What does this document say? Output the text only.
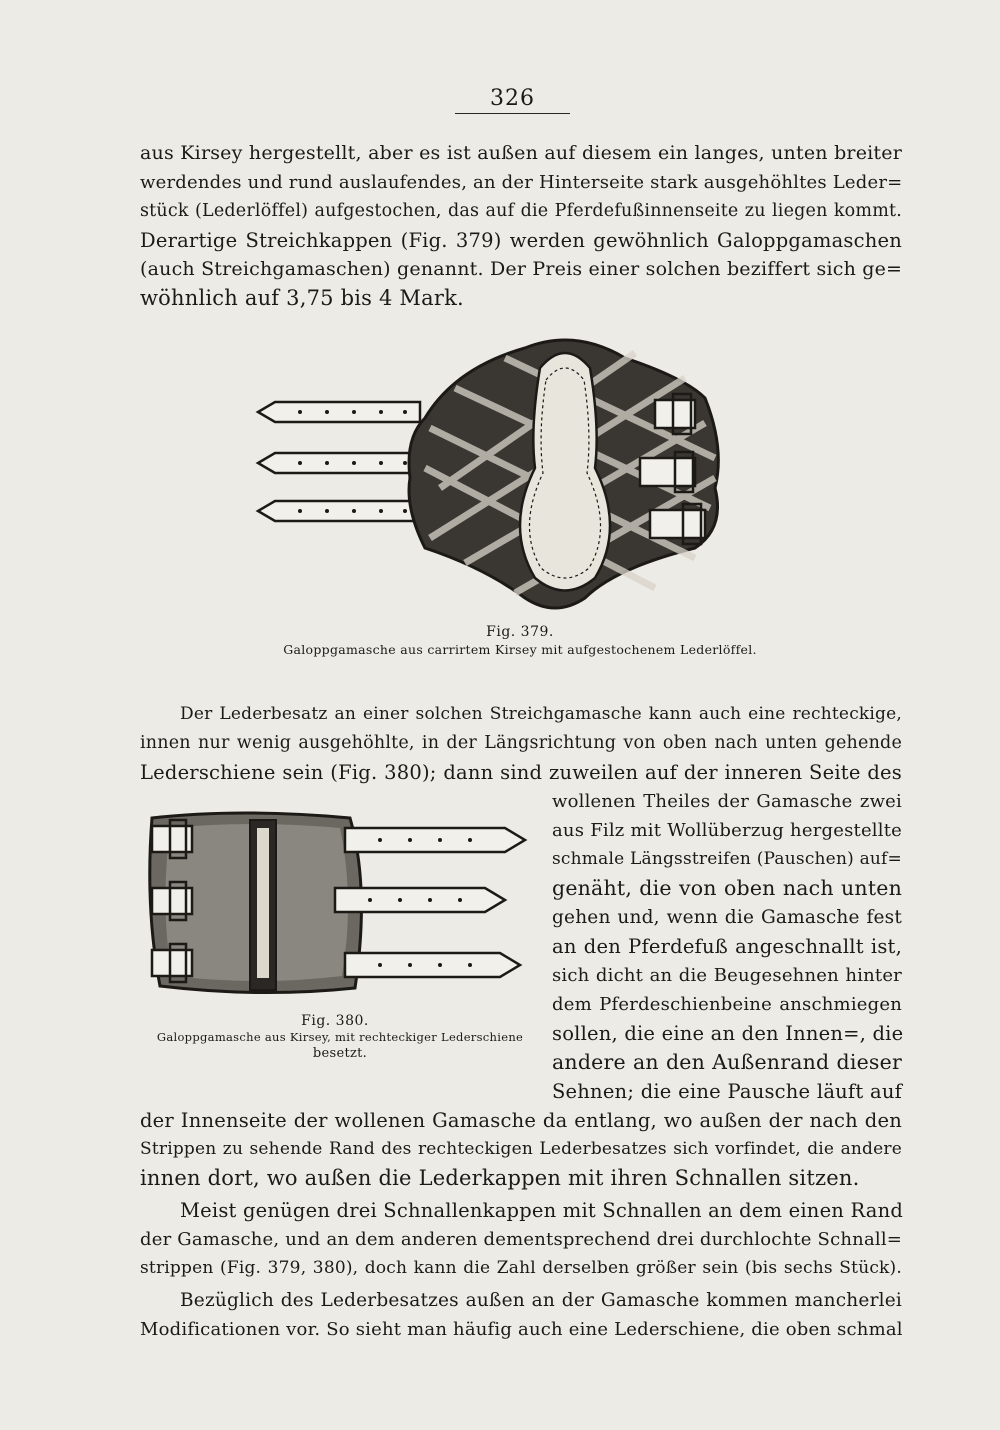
326
aus Kirsey hergestellt, aber es ist außen auf diesem ein langes, unten breiter
werdendes und rund auslaufendes, an der Hinterseite stark ausgehöhltes Leder=
stück (Lederlöffel) aufgestochen, das auf die Pferdefußinnenseite zu liegen kommt.
Derartige Streichkappen (Fig. 379) werden gewöhnlich Galoppgamaschen
(auch Streichgamaschen) genannt. Der Preis einer solchen beziffert sich ge=
wöhnlich auf 3,75 bis 4 Mark.
Fig. 379.
Galoppgamasche aus carrirtem Kirsey mit aufgestochenem Lederlöffel.
Der Lederbesatz an einer solchen Streichgamasche kann auch eine rechteckige,
innen nur wenig ausgehöhlte, in der Längsrichtung von oben nach unten gehende
Lederschiene sein (Fig. 380); dann sind zuweilen auf der inneren Seite des
Fig. 380.
Galoppgamasche aus Kirsey, mit rechteckiger Lederschiene
besetzt.
wollenen Theiles der Gamasche zwei
aus Filz mit Wollüberzug hergestellte
schmale Längsstreifen (Pauschen) auf=
genäht, die von oben nach unten
gehen und, wenn die Gamasche fest
an den Pferdefuß angeschnallt ist,
sich dicht an die Beugesehnen hinter
dem Pferdeschienbeine anschmiegen
sollen, die eine an den Innen=, die
andere an den Außenrand dieser
Sehnen; die eine Pausche läuft auf
der Innenseite der wollenen Gamasche da entlang, wo außen der nach den
Strippen zu sehende Rand des rechteckigen Lederbesatzes sich vorfindet, die andere
innen dort, wo außen die Lederkappen mit ihren Schnallen sitzen.
Meist genügen drei Schnallenkappen mit Schnallen an dem einen Rand
der Gamasche, und an dem anderen dementsprechend drei durchlochte Schnall=
strippen (Fig. 379, 380), doch kann die Zahl derselben größer sein (bis sechs Stück).
Bezüglich des Lederbesatzes außen an der Gamasche kommen mancherlei
Modificationen vor. So sieht man häufig auch eine Lederschiene, die oben schmal
